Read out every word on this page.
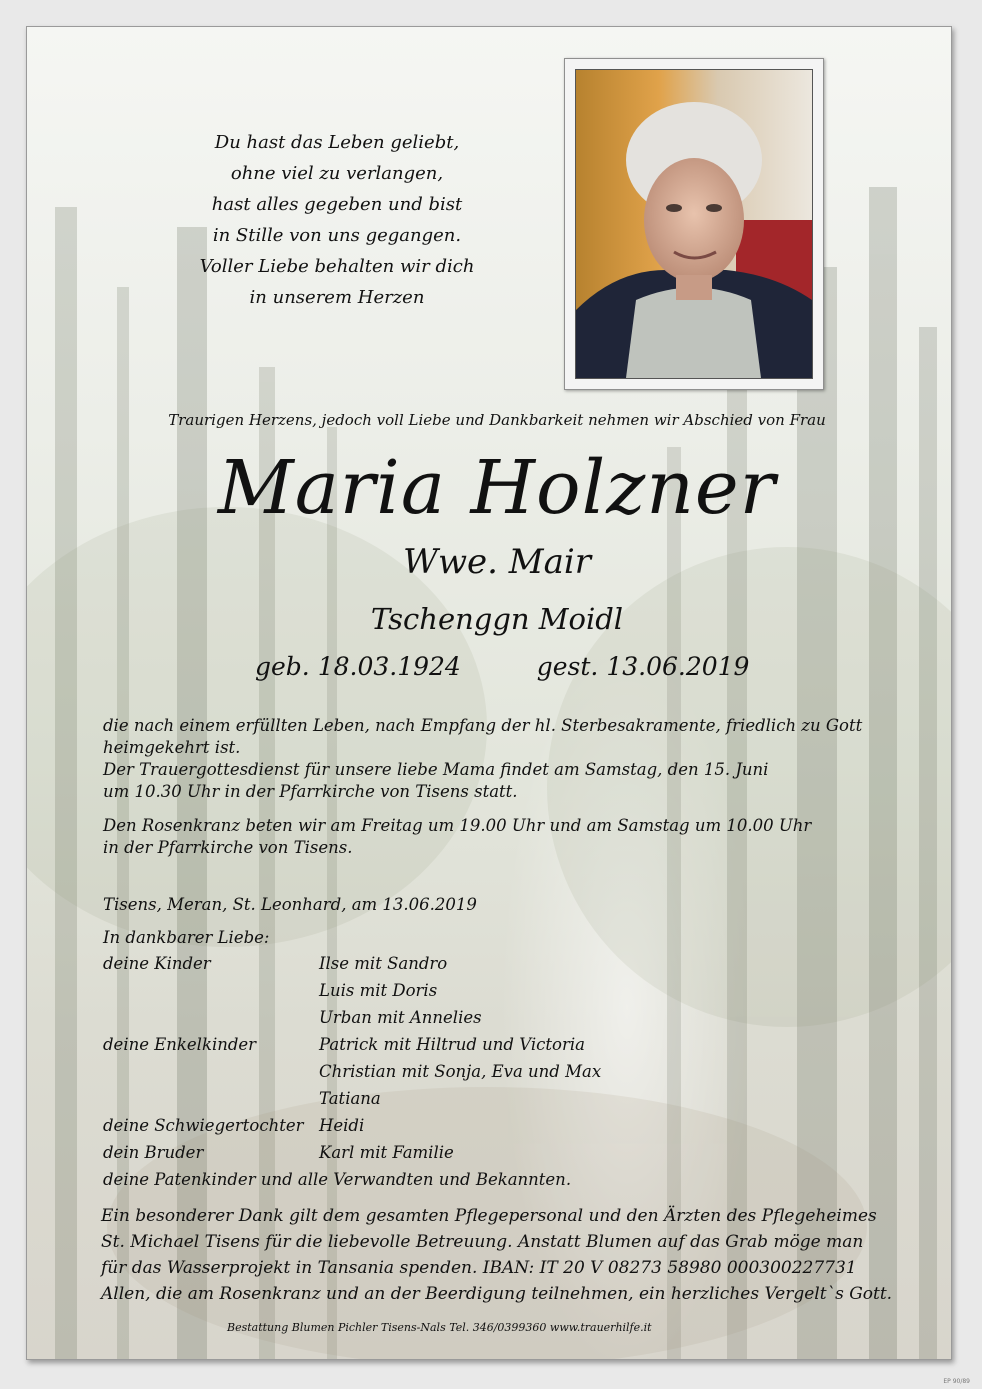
Du hast das Leben geliebt,
ohne viel zu verlangen,
hast alles gegeben und bist
in Stille von uns gegangen.
Voller Liebe behalten wir dich
in unserem Herzen
Traurigen Herzens, jedoch voll Liebe und Dankbarkeit nehmen wir Abschied von Frau
Maria Holzner
Wwe. Mair
Tschenggn Moidl
geb. 18.03.1924	gest. 13.06.2019

die nach einem erfüllten Leben, nach Empfang der hl. Sterbesakramente, friedlich zu Gott

heimgekehrt ist.

Der Trauergottesdienst für unsere liebe Mama findet am Samstag, den 15. Juni

um 10.30 Uhr in der Pfarrkirche von Tisens statt.

Den Rosenkranz beten wir am Freitag um 19.00 Uhr und am Samstag um 10.00 Uhr

in der Pfarrkirche von Tisens.

Tisens, Meran, St. Leonhard, am 13.06.2019
In dankbarer Liebe:
deine Kinder	Ilse mit Sandro
Luis mit Doris
Urban mit Annelies
deine Enkelkinder	Patrick mit Hiltrud und Victoria
Christian mit Sonja, Eva und Max
Tatiana
deine Schwiegertochter Heidi
dein Bruder	Karl mit Familie
deine Patenkinder und alle Verwandten und Bekannten.

Ein besonderer Dank gilt dem gesamten Pflegepersonal und den Ärzten des Pflegeheimes

St. Michael Tisens für die liebevolle Betreuung. Anstatt Blumen auf das Grab möge man

für das Wasserprojekt in Tansania spenden. IBAN: IT 20 V 08273 58980 000300227731

Allen, die am Rosenkranz und an der Beerdigung teilnehmen, ein herzliches Vergelt`s Gott.

Bestattung Blumen Pichler Tisens-Nals Tel. 346/0399360 www.trauerhilfe.it
EP 90/89
